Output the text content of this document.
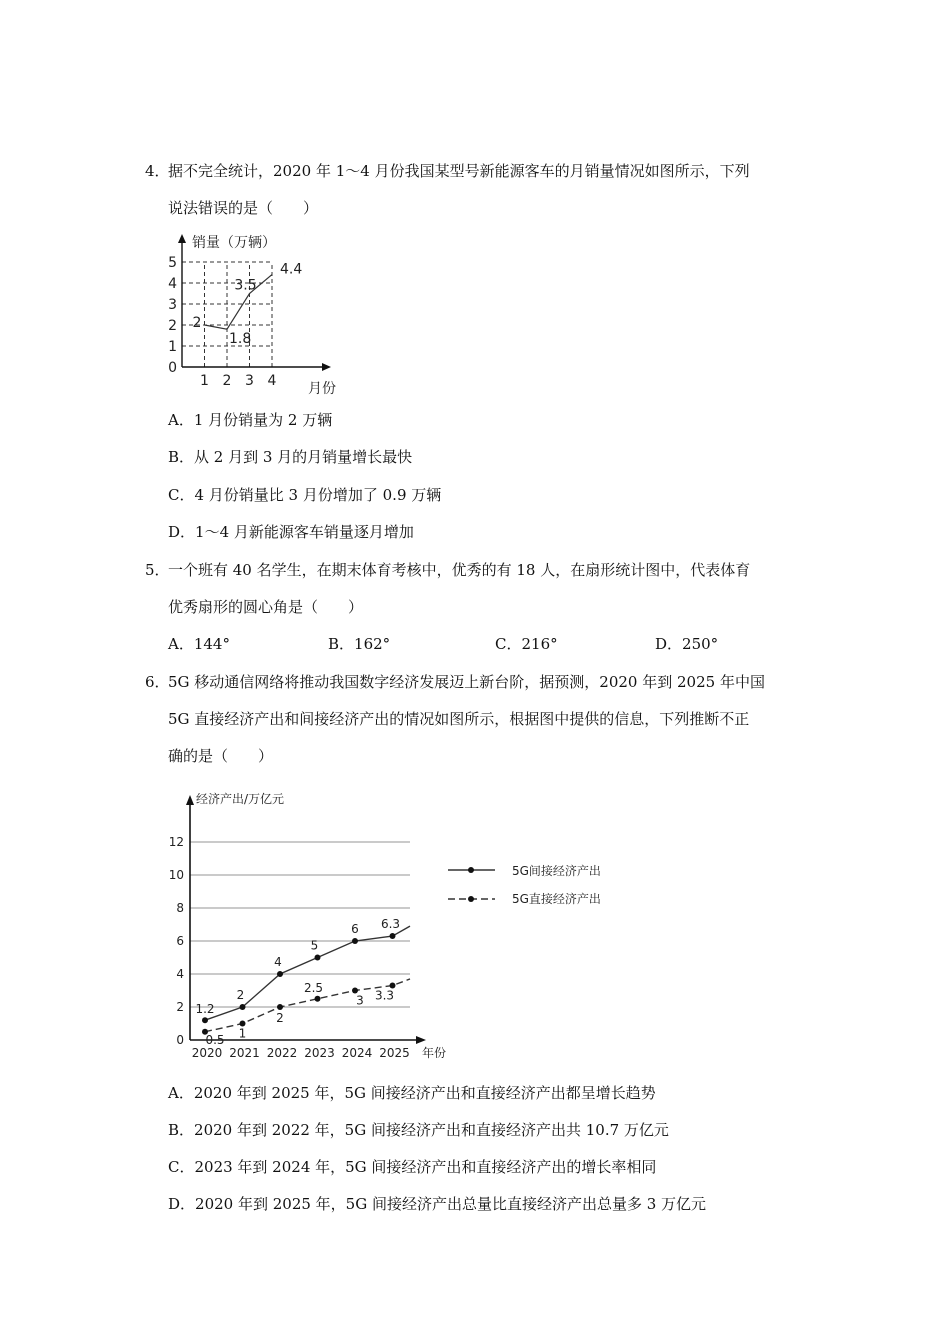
4．
据不完全统计，2020 年 1～4 月份我国某型号新能源客车的月销量情况如图所示，下列
说法错误的是（　　）
0
1
2
3
4
5
1 2 3 4
销量（万辆）
月份
2
1.8
3.5
4.4
A．1 月份销量为 2 万辆
B．从 2 月到 3 月的月销量增长最快
C．4 月份销量比 3 月份增加了 0.9 万辆
D．1～4 月新能源客车销量逐月增加
5．
一个班有 40 名学生，在期末体育考核中，优秀的有 18 人，在扇形统计图中，代表体育
优秀扇形的圆心角是（　　）
A．144°	B．162°	C．216°	D．250°
6．
5G 移动通信网络将推动我国数字经济发展迈上新台阶，据预测，2020 年到 2025 年中国
5G 直接经济产出和间接经济产出的情况如图所示，根据图中提供的信息，下列推断不正
确的是（　　）
0
2
4
6
8
10
12
2020 2021 2022 2023 2024 2025
经济产出/万亿元
年份
1.2
2
4
5
6 6.3
0.5 1
2
2.5
3 3.3
5G间接经济产出
5G直接经济产出
A．2020 年到 2025 年，5G 间接经济产出和直接经济产出都呈增长趋势
B．2020 年到 2022 年，5G 间接经济产出和直接经济产出共 10.7 万亿元
C．2023 年到 2024 年，5G 间接经济产出和直接经济产出的增长率相同
D．2020 年到 2025 年，5G 间接经济产出总量比直接经济产出总量多 3 万亿元
